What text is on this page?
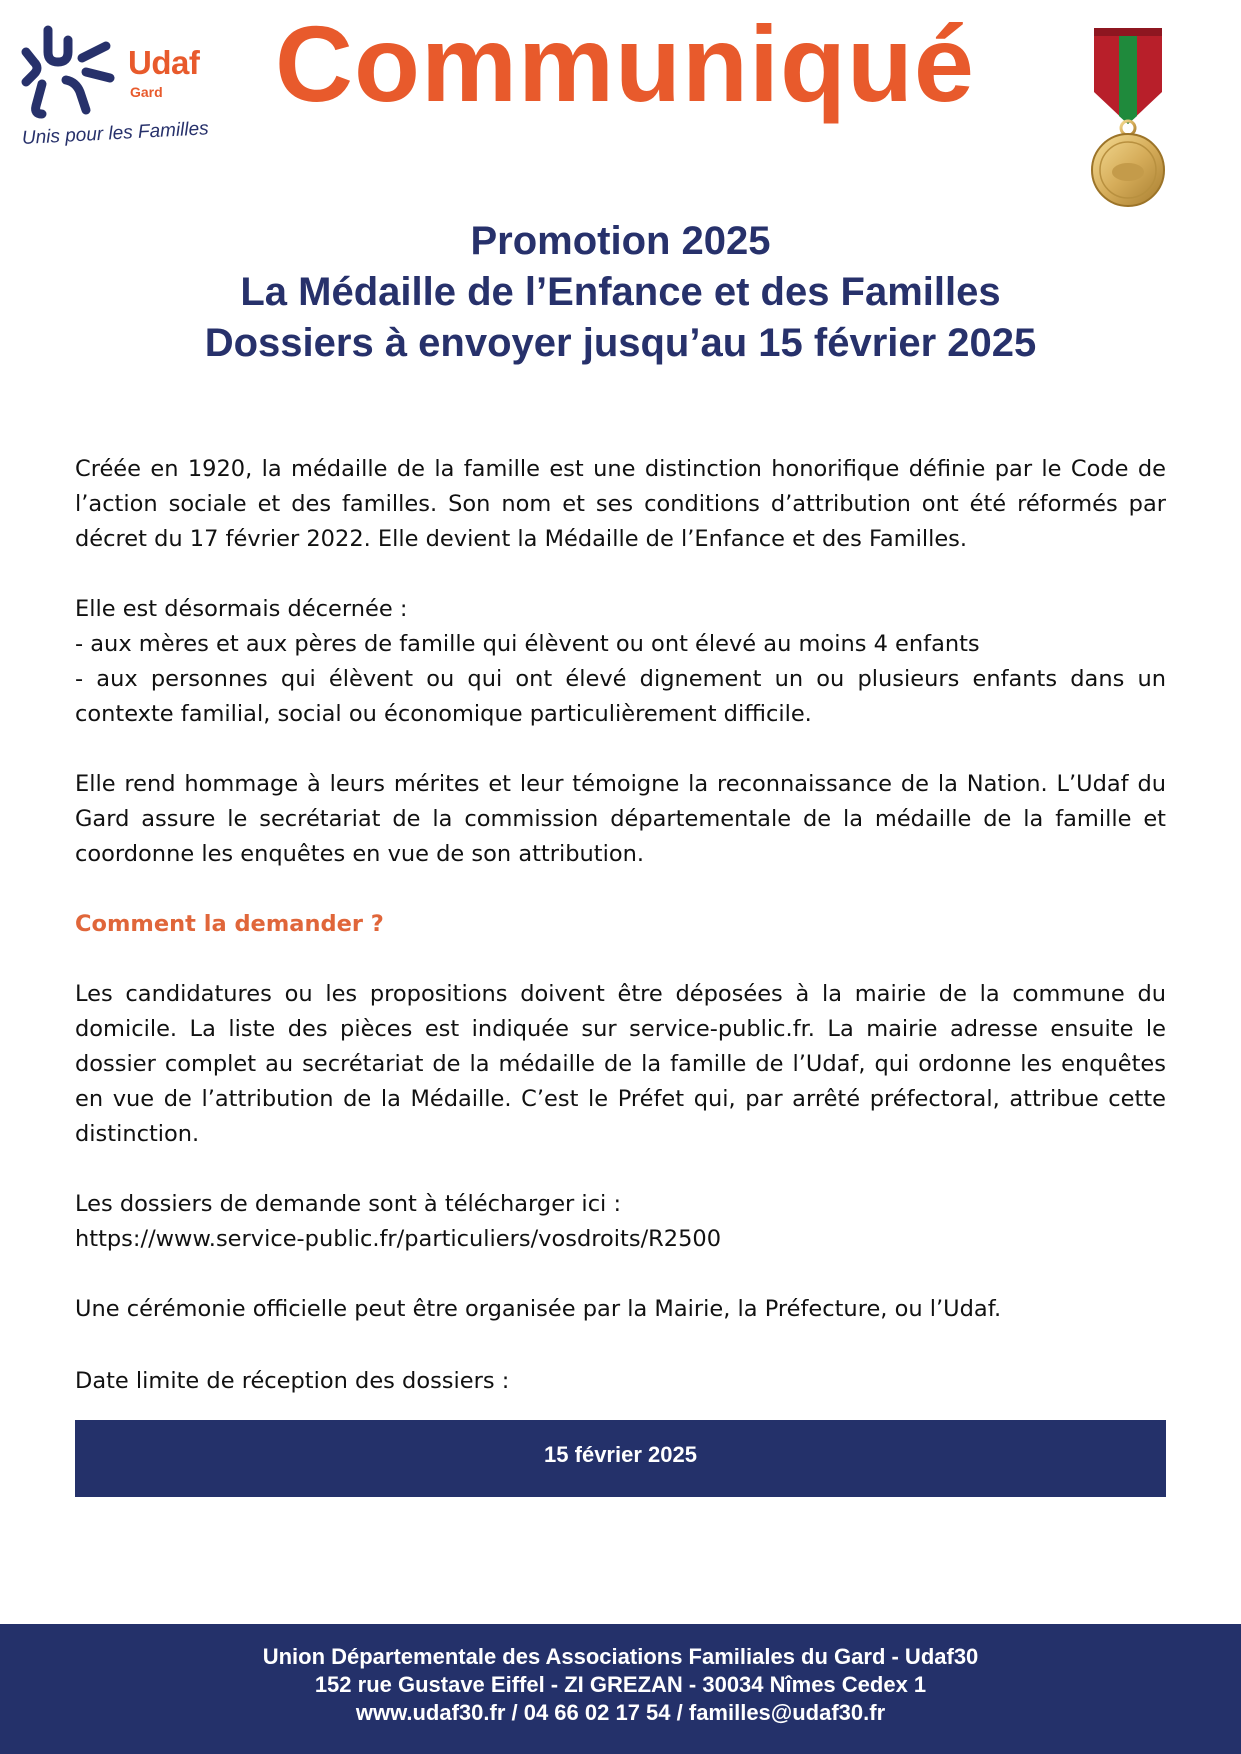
Udaf
Gard
Unis pour les Familles
Communiqué
Promotion 2025
La Médaille de l’Enfance et des Familles
Dossiers à envoyer jusqu’au 15 février 2025

Créée en 1920, la médaille de la famille est une distinction honorifique définie par le Code de l’action sociale et des familles. Son nom et ses conditions d’attribution ont été réformés par décret du 17 février 2022. Elle devient la Médaille de l’Enfance et des Familles.

Elle est désormais décernée :
- aux mères et aux pères de famille qui élèvent ou ont élevé au moins 4 enfants
- aux personnes qui élèvent ou qui ont élevé dignement un ou plusieurs enfants dans un contexte familial, social ou économique particulièrement difficile.

Elle rend hommage à leurs mérites et leur témoigne la reconnaissance de la Nation. L’Udaf du Gard assure le secrétariat de la commission départementale de la médaille de la famille et coordonne les enquêtes en vue de son attribution.

Comment la demander ?

Les candidatures ou les propositions doivent être déposées à la mairie de la commune du domicile. La liste des pièces est indiquée sur service-public.fr. La mairie adresse ensuite le dossier complet au secrétariat de la médaille de la famille de l’Udaf, qui ordonne les enquêtes en vue de l’attribution de la Médaille. C’est le Préfet qui, par arrêté préfectoral, attribue cette distinction.

Les dossiers de demande sont à télécharger ici :
https://www.service-public.fr/particuliers/vosdroits/R2500

Une cérémonie officielle peut être organisée par la Mairie, la Préfecture, ou l’Udaf.

Date limite de réception des dossiers :

15 février 2025
Union Départementale des Associations Familiales du Gard - Udaf30
152 rue Gustave Eiffel - ZI GREZAN - 30034 Nîmes Cedex 1
www.udaf30.fr / 04 66 02 17 54 / familles@udaf30.fr
